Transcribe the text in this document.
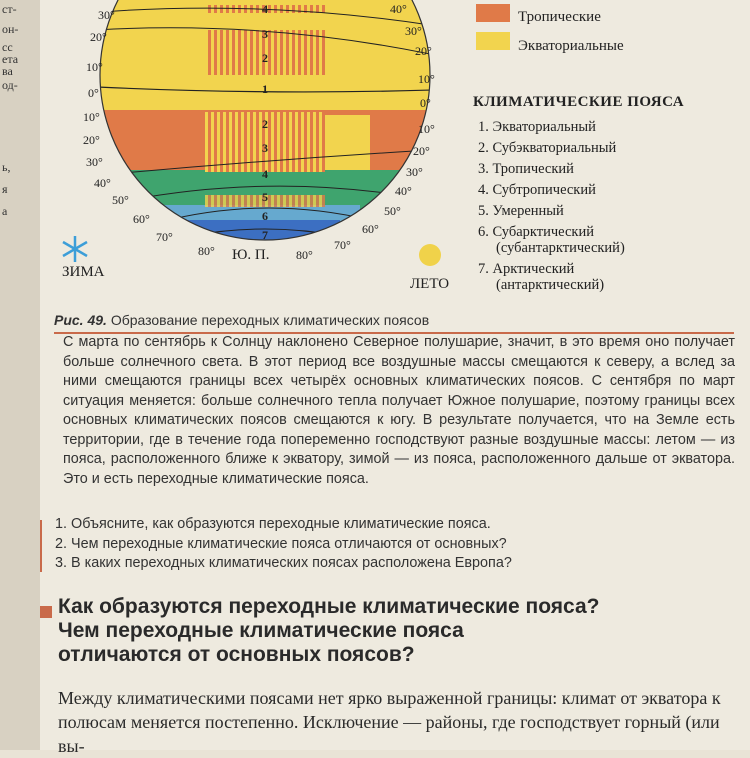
ст-
он-
сс
ета
ва
од-
ь,
я
а
4
3
2
1
2
3
4
5
6
7
30°
20°
10°
0°
10°
20°
30°
40°
50°
60°
70°
80°
40°
30°
20°
10°
0°
10°
20°
30°
40°
50°
60°
70°
80°
Ю. П.
ЗИМА
ЛЕТО
Тропические
Экваториальные
КЛИМАТИЧЕСКИЕ ПОЯСА
1. Экваториальный
2. Субэкваториальный
3. Тропический
4. Субтропический
5. Умеренный
6. Субарктический
(субантарктический)
7. Арктический
(антарктический)
Рис. 49. Образование переходных климатических поясов
С марта по сентябрь к Солнцу наклонено Северное полушарие, значит, в это время оно получает больше солнечного света. В этот период все воздушные массы смещаются к северу, а вслед за ними смещаются границы всех четырёх основных климатических поясов. С сентября по март ситуация меняется: больше солнечного тепла получает Южное полушарие, поэтому границы всех основных климатических поясов смещаются к югу. В результате получается, что на Земле есть территории, где в течение года попеременно господствуют разные воздушные массы: летом — из пояса, расположенного ближе к экватору, зимой — из пояса, расположенного дальше от экватора. Это и есть переходные климатические пояса.
1. Объясните, как образуются переходные климатические пояса.
2. Чем переходные климатические пояса отличаются от основных?
3. В каких переходных климатических поясах расположена Европа?
Как образуются переходные климатические пояса?
Чем переходные климатические пояса
отличаются от основных поясов?
Между климатическими поясами нет ярко выраженной границы: климат от экватора к полюсам меняется постепенно. Исключение — районы, где господствует горный (или вы-
